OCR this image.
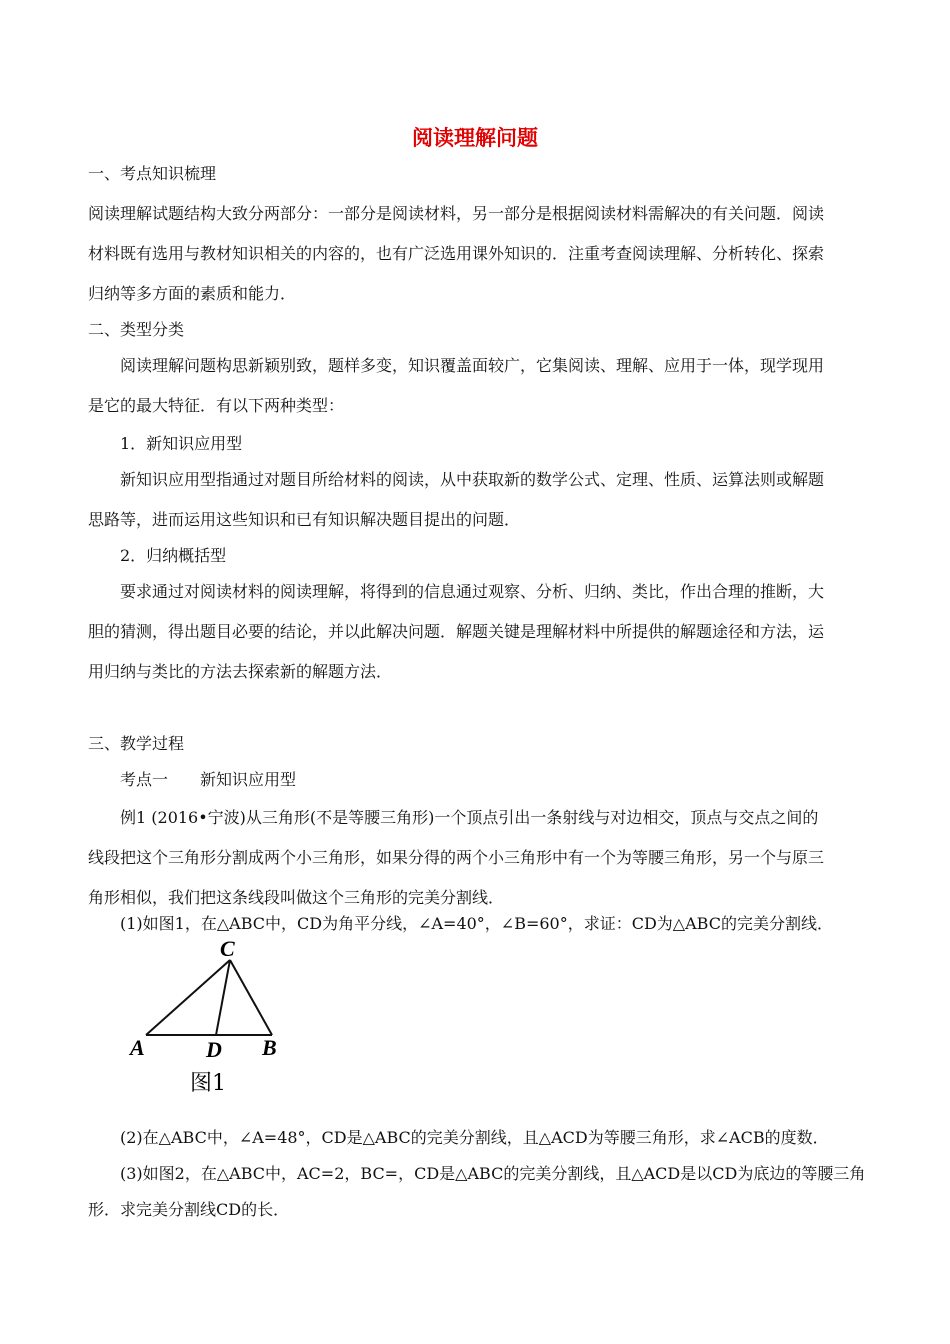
阅读理解问题
一、考点知识梳理
阅读理解试题结构大致分两部分：一部分是阅读材料，另一部分是根据阅读材料需解决的有关问题．阅读
材料既有选用与教材知识相关的内容的，也有广泛选用课外知识的．注重考查阅读理解、分析转化、探索
归纳等多方面的素质和能力．
二、类型分类
阅读理解问题构思新颖别致，题样多变，知识覆盖面较广，它集阅读、理解、应用于一体，现学现用
是它的最大特征．有以下两种类型：
1．新知识应用型
新知识应用型指通过对题目所给材料的阅读，从中获取新的数学公式、定理、性质、运算法则或解题
思路等，进而运用这些知识和已有知识解决题目提出的问题．
2．归纳概括型
要求通过对阅读材料的阅读理解，将得到的信息通过观察、分析、归纳、类比，作出合理的推断，大
胆的猜测，得出题目必要的结论，并以此解决问题．解题关键是理解材料中所提供的解题途径和方法，运
用归纳与类比的方法去探索新的解题方法．
三、教学过程
考点一　　新知识应用型
例1 (2016•宁波)从三角形(不是等腰三角形)一个顶点引出一条射线与对边相交，顶点与交点之间的
线段把这个三角形分割成两个小三角形，如果分得的两个小三角形中有一个为等腰三角形，另一个与原三
角形相似，我们把这条线段叫做这个三角形的完美分割线．
(1)如图1，在△ABC中，CD为角平分线，∠A=40°，∠B=60°，求证：CD为△ABC的完美分割线．
C
A	D B
图1
(2)在△ABC中，∠A=48°，CD是△ABC的完美分割线，且△ACD为等腰三角形，求∠ACB的度数．
(3)如图2，在△ABC中，AC=2，BC=，CD是△ABC的完美分割线，且△ACD是以CD为底边的等腰三角
形．求完美分割线CD的长．
